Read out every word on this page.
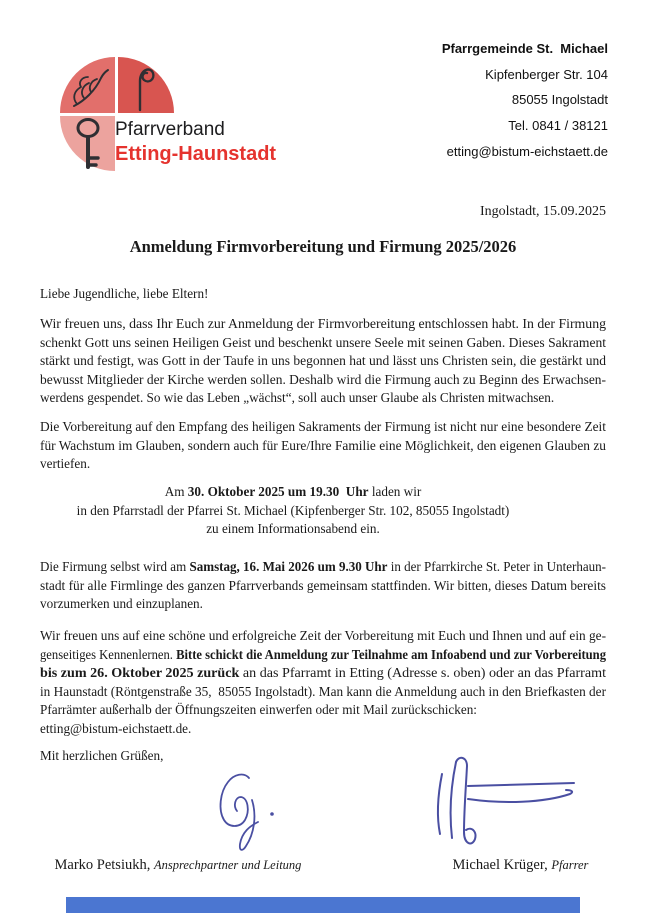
Pfarrverband
Etting-Haunstadt
Pfarrgemeinde St.  Michael
Kipfenberger Str. 104
85055 Ingolstadt
Tel. 0841 / 38121
etting@bistum-eichstaett.de
Ingolstadt, 15.09.2025
Anmeldung Firmvorbereitung und Firmung 2025/2026
Liebe Jugendliche, liebe Eltern!
Wir freuen uns, dass Ihr Euch zur Anmeldung der Firmvorbereitung entschlossen habt. In der Firmung
schenkt Gott uns seinen Heiligen Geist und beschenkt unsere Seele mit seinen Gaben. Dieses Sakrament
stärkt und festigt, was Gott in der Taufe in uns begonnen hat und lässt uns Christen sein, die gestärkt und
bewusst Mitglieder der Kirche werden sollen. Deshalb wird die Firmung auch zu Beginn des Erwachsen-
werdens gespendet. So wie das Leben „wächst“, soll auch unser Glaube als Christen mitwachsen.
Die Vorbereitung auf den Empfang des heiligen Sakraments der Firmung ist nicht nur eine besondere Zeit
für Wachstum im Glauben, sondern auch für Eure/Ihre Familie eine Möglichkeit, den eigenen Glauben zu
vertiefen.
Am 30. Oktober 2025 um 19.30  Uhr laden wir
in den Pfarrstadl der Pfarrei St. Michael (Kipfenberger Str. 102, 85055 Ingolstadt)
zu einem Informationsabend ein.
Die Firmung selbst wird am Samstag, 16. Mai 2026 um 9.30 Uhr in der Pfarrkirche St. Peter in Unterhaun-
stadt für alle Firmlinge des ganzen Pfarrverbands gemeinsam stattfinden. Wir bitten, dieses Datum bereits
vorzumerken und einzuplanen.
Wir freuen uns auf eine schöne und erfolgreiche Zeit der Vorbereitung mit Euch und Ihnen und auf ein ge-
genseitiges Kennenlernen. Bitte schickt die Anmeldung zur Teilnahme am Infoabend und zur Vorbereitung
bis zum 26. Oktober 2025 zurück an das Pfarramt in Etting (Adresse s. oben) oder an das Pfarramt
in Haunstadt (Röntgenstraße 35,  85055 Ingolstadt). Man kann die Anmeldung auch in den Briefkasten der
Pfarrämter außerhalb der Öffnungszeiten einwerfen oder mit Mail zurückschicken:
etting@bistum-eichstaett.de.
Mit herzlichen Grüßen,

Marko Petsiukh, Ansprechpartner und Leitung
	Michael Krüger, Pfarrer
